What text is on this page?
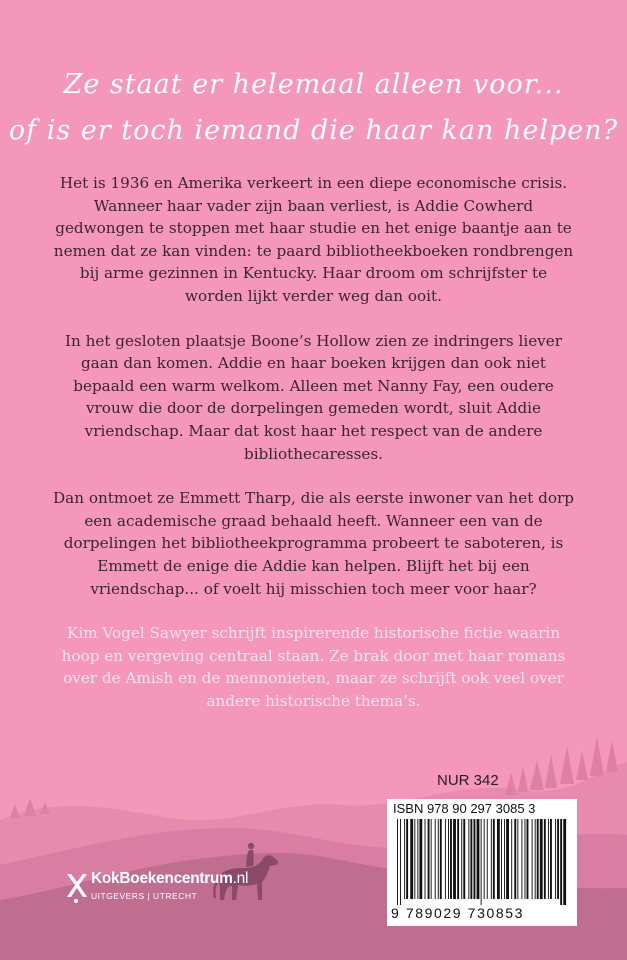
Ze staat er helemaal alleen voor...
of is er toch iemand die haar kan helpen?

Het is 1936 en Amerika verkeert in een diepe economische crisis. Wanneer haar vader zijn baan verliest, is Addie Cowherd gedwongen te stoppen met haar studie en het enige baantje aan te nemen dat ze kan vinden: te paard bibliotheekboeken rondbrengen bij arme gezinnen in Kentucky. Haar droom om schrijfster te worden lijkt verder weg dan ooit.

In het gesloten plaatsje Boone’s Hollow zien ze indringers liever gaan dan komen. Addie en haar boeken krijgen dan ook niet bepaald een warm welkom. Alleen met Nanny Fay, een oudere vrouw die door de dorpelingen gemeden wordt, sluit Addie vriendschap. Maar dat kost haar het respect van de andere bibliothecaresses.

Dan ontmoet ze Emmett Tharp, die als eerste inwoner van het dorp een academische graad behaald heeft. Wanneer een van de dorpelingen het bibliotheekprogramma probeert te saboteren, is Emmett de enige die Addie kan helpen. Blijft het bij een vriendschap... of voelt hij misschien toch meer voor haar?

Kim Vogel Sawyer schrijft inspirerende historische fictie waarin hoop en vergeving centraal staan. Ze brak door met haar romans over de Amish en de mennonieten, maar ze schrijft ook veel over andere historische thema’s.

NUR 342
ISBN 978 90 297 3085 3
9 789029 730853
KokBoekencentrum.nl
UITGEVERS | UTRECHT
